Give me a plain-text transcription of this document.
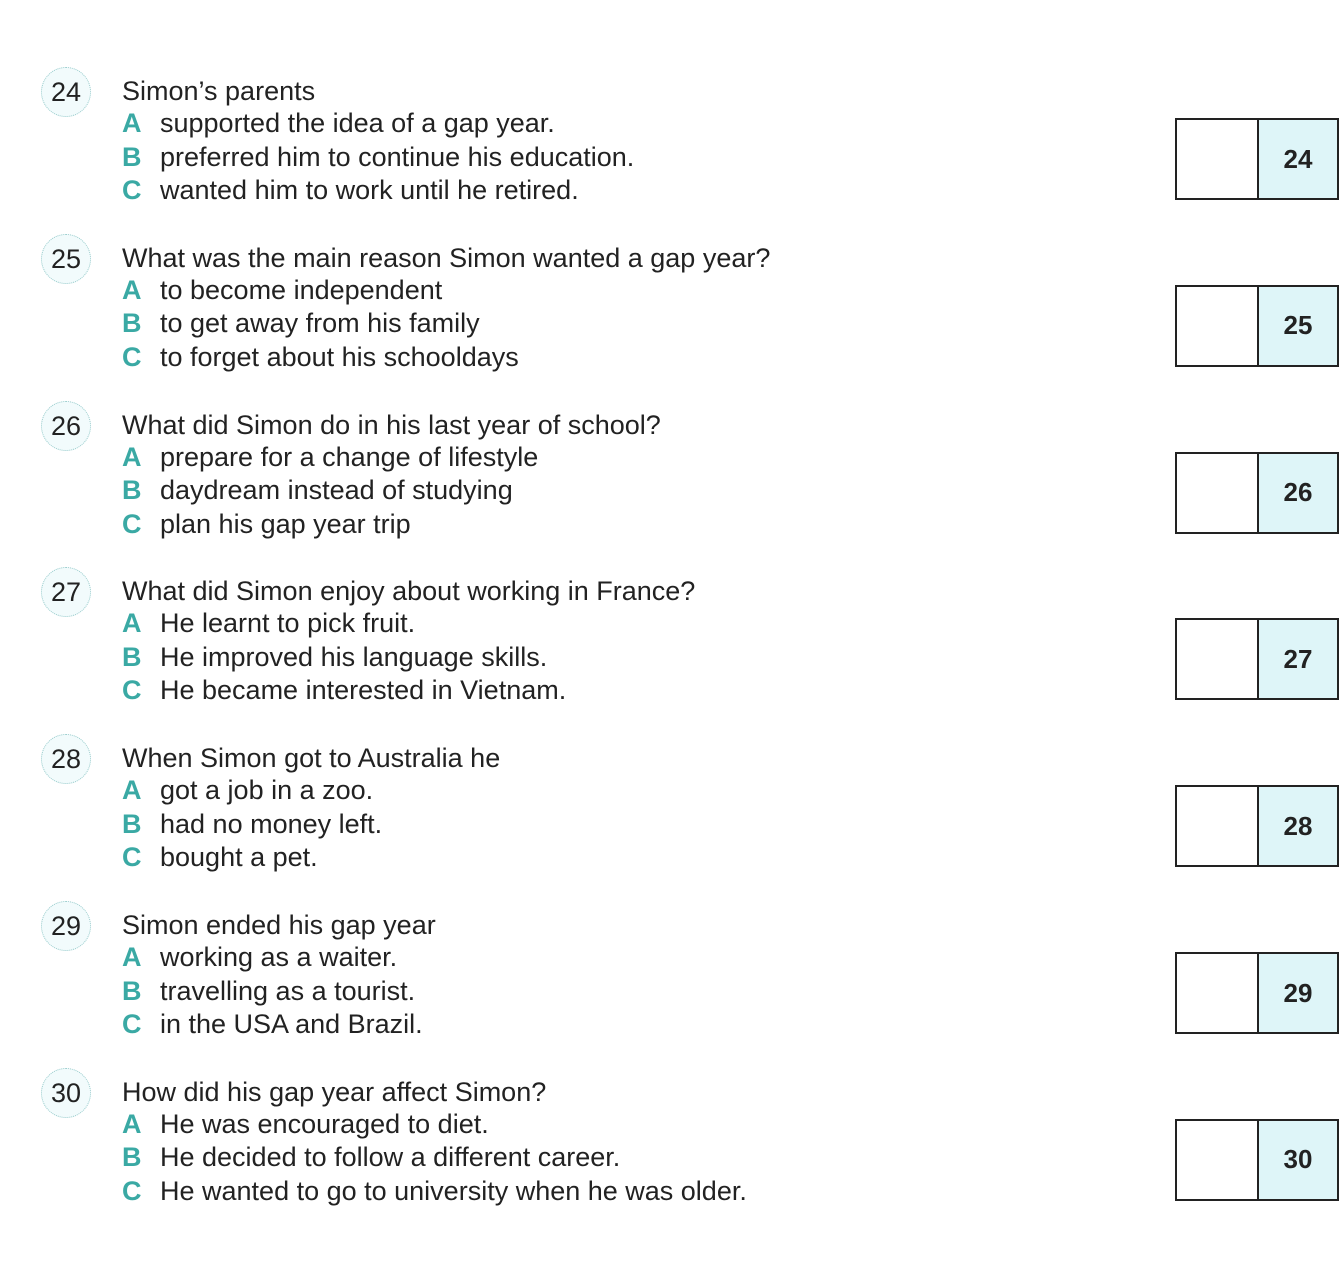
24	Simon’s parents
A supported the idea of a gap year.
B preferred him to continue his education.
C wanted him to work until he retired.
24
25	What was the main reason Simon wanted a gap year?
A to become independent
B to get away from his family
C to forget about his schooldays
25
26	What did Simon do in his last year of school?
A prepare for a change of lifestyle
B daydream instead of studying
C plan his gap year trip
26
27	What did Simon enjoy about working in France?
A He learnt to pick fruit.
B He improved his language skills.
C He became interested in Vietnam.
27
28	When Simon got to Australia he
A got a job in a zoo.
B had no money left.
C bought a pet.
28
29	Simon ended his gap year
A working as a waiter.
B travelling as a tourist.
C in the USA and Brazil.
29
30	How did his gap year affect Simon?
A He was encouraged to diet.
B He decided to follow a different career.
C He wanted to go to university when he was older.
30
